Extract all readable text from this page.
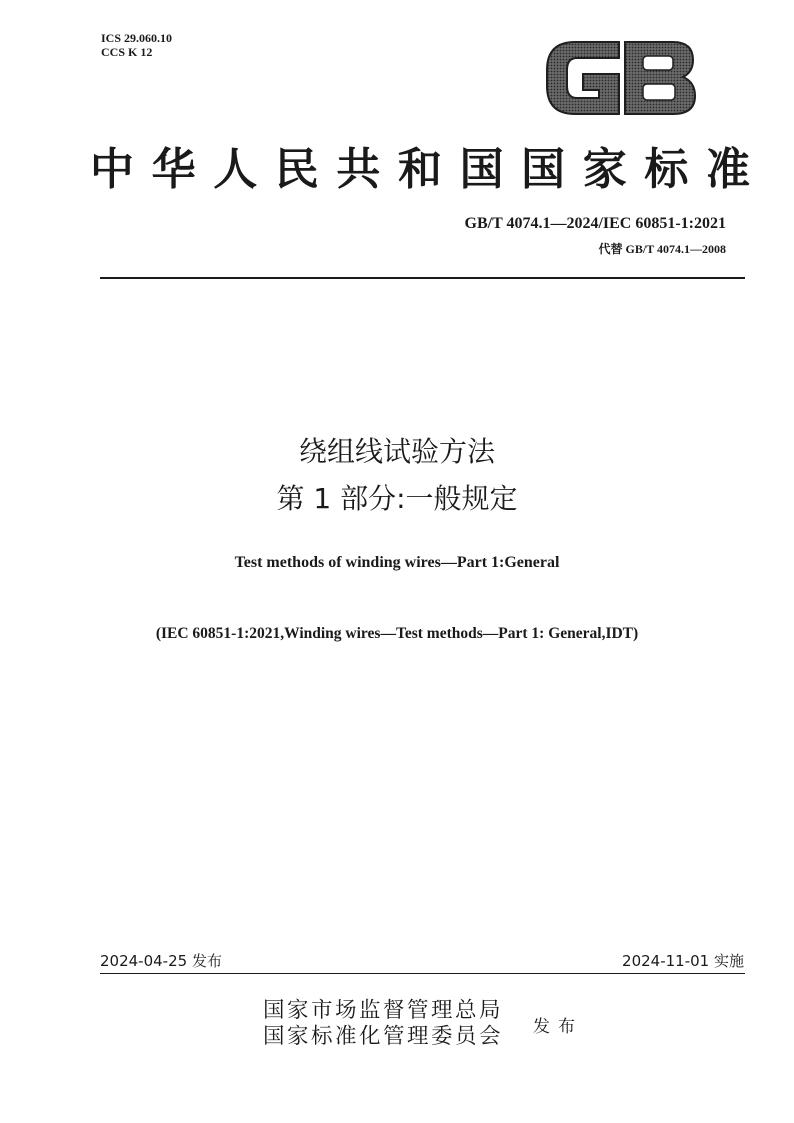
ICS 29.060.10
CCS K 12
中 华 人 民 共 和 国 国 家 标 准
GB/T 4074.1—2024/IEC 60851-1:2021
代替 GB/T 4074.1—2008
绕组线试验方法
第 1 部分:一般规定
Test methods of winding wires—Part 1:General
(IEC 60851-1:2021,Winding wires—Test methods—Part 1: General,IDT)
2024-04-25 发布	2024-11-01 实施
国家市场监督管理总局
国家标准化管理委员会	发布
